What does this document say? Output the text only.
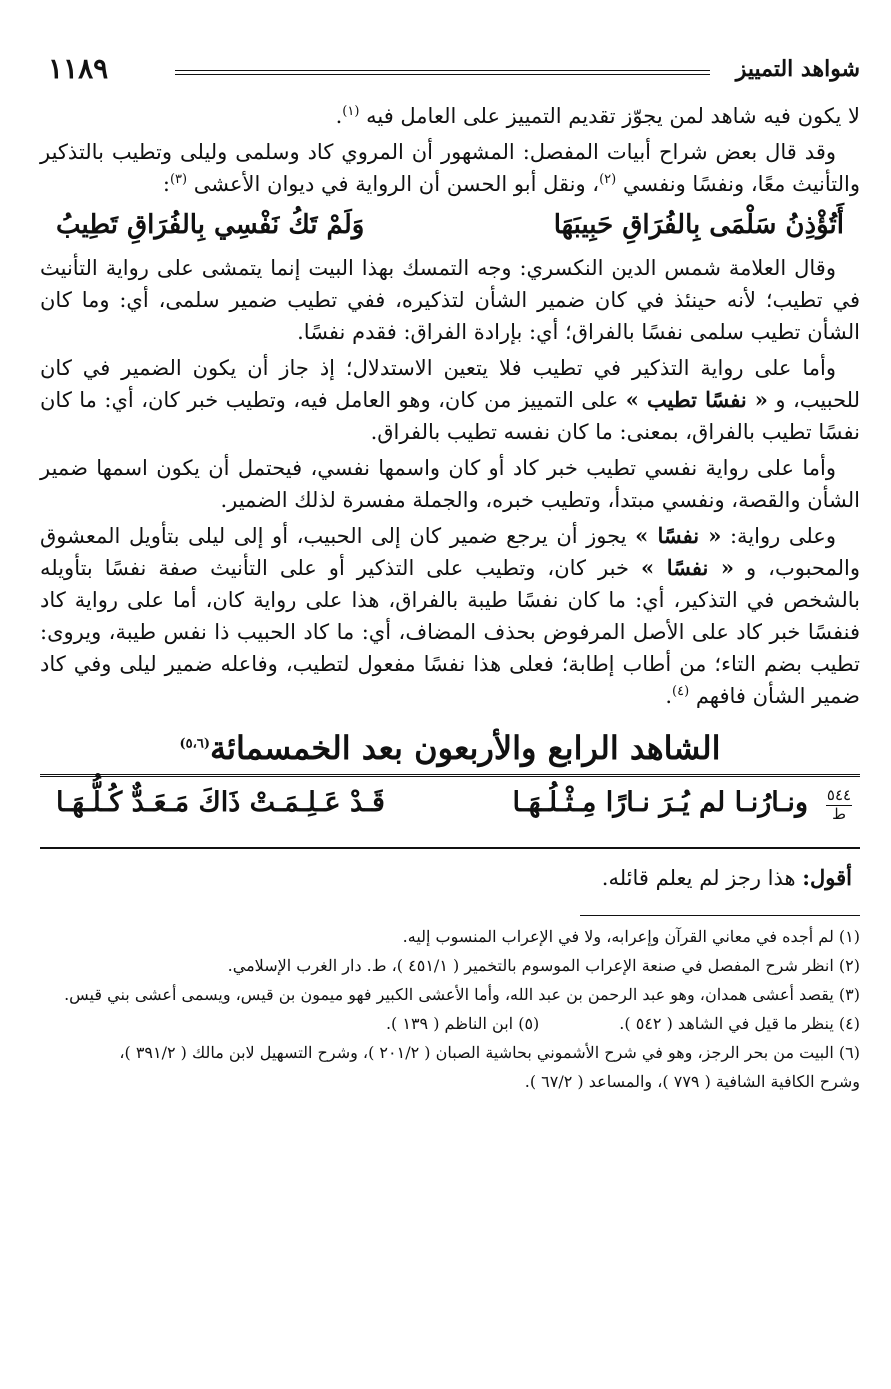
شواهد التمييز
١١٨٩

لا يكون فيه شاهد لمن يجوّز تقديم التمييز على العامل فيه $^{(١)}$.

وقد قال بعض شراح أبيات المفصل: المشهور أن المروي كاد وسلمى وليلى وتطيب بالتذكير والتأنيث معًا، ونفسًا ونفسي $^{(٢)}$، ونقل أبو الحسن أن الرواية في ديوان الأعشى $^{(٣)}$:

أَتُؤْذِنُ سَلْمَى بِالفُرَاقِ حَبِيبَهَا
وَلَمْ تَكُ نَفْسِي بِالفُرَاقِ تَطِيبُ

وقال العلامة شمس الدين النكسري: وجه التمسك بهذا البيت إنما يتمشى على رواية التأنيث في تطيب؛ لأنه حينئذ في كان ضمير الشأن لتذكيره، ففي تطيب ضمير سلمى، أي: وما كان الشأن تطيب سلمى نفسًا بالفراق؛ أي: بإرادة الفراق: فقدم نفسًا.

وأما على رواية التذكير في تطيب فلا يتعين الاستدلال؛ إذ جاز أن يكون الضمير في كان للحبيب، و « نفسًا تطيب » على التمييز من كان، وهو العامل فيه، وتطيب خبر كان، أي: ما كان نفسًا تطيب بالفراق، بمعنى: ما كان نفسه تطيب بالفراق.

وأما على رواية نفسي تطيب خبر كاد أو كان واسمها نفسي، فيحتمل أن يكون اسمها ضمير الشأن والقصة، ونفسي مبتدأ، وتطيب خبره، والجملة مفسرة لذلك الضمير.

وعلى رواية: « نفسًا » يجوز أن يرجع ضمير كان إلى الحبيب، أو إلى ليلى بتأويل المعشوق والمحبوب، و « نفسًا » خبر كان، وتطيب على التذكير أو على التأنيث صفة نفسًا بتأويله بالشخص في التذكير، أي: ما كان نفسًا طيبة بالفراق، هذا على رواية كان، أما على رواية كاد فنفسًا خبر كاد على الأصل المرفوض بحذف المضاف، أي: ما كاد الحبيب ذا نفس طيبة، ويروى: تطيب بضم التاء؛ من أطاب إطابة؛ فعلى هذا نفسًا مفعول لتطيب، وفاعله ضمير ليلى وفي كاد ضمير الشأن فافهم $^{(٤)}$.

الشاهد الرابع والأربعون بعد الخمسمائة$^{(٥،٦)}$
٥٤٤
ط
ونـارُنـا لم يُـرَ نـارًا مِـثْـلُـهَـا
قَـدْ عَـلِـمَـتْ ذَاكَ مَـعَـدٌّ كُـلُّـهَـا
أقول: هذا رجز لم يعلم قائله.
(١) لم أجده في معاني القرآن وإعرابه، ولا في الإعراب المنسوب إليه.
(٢) انظر شرح المفصل في صنعة الإعراب الموسوم بالتخمير ( ٤٥١/١ )، ط. دار الغرب الإسلامي.
(٣) يقصد أعشى همدان، وهو عبد الرحمن بن عبد الله، وأما الأعشى الكبير فهو ميمون بن قيس، ويسمى أعشى بني قيس.
(٤) ينظر ما قيل في الشاهد ( ٥٤٢ ).
(٥) ابن الناظم ( ١٣٩ ).
(٦) البيت من بحر الرجز، وهو في شرح الأشموني بحاشية الصبان ( ٢٠١/٢ )، وشرح التسهيل لابن مالك ( ٣٩١/٢ )،
وشرح الكافية الشافية ( ٧٧٩ )، والمساعد ( ٦٧/٢ ).
